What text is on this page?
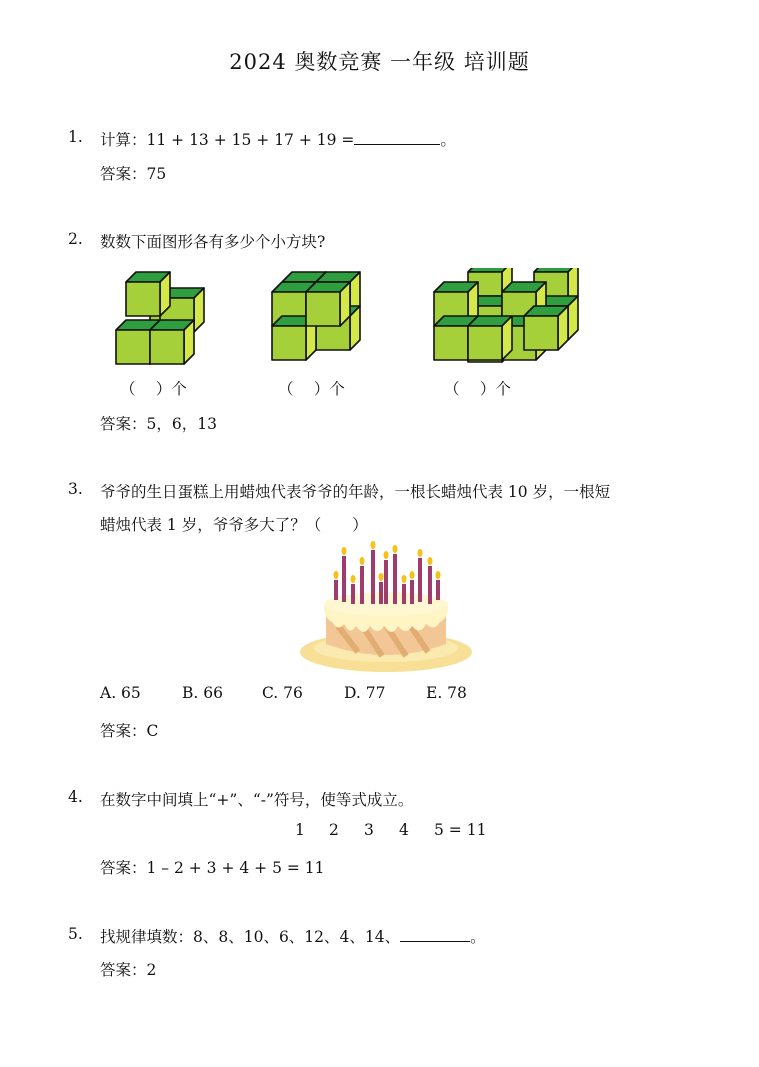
2024 奥数竞赛 一年级 培训题
1. 计算：11 + 13 + 15 + 17 + 19 =	。
答案：75
2. 数数下面图形各有多少个小方块?
（　 ）个	（　 ）个	（　 ）个
答案：5，6，13
3. 爷爷的生日蛋糕上用蜡烛代表爷爷的年龄，一根长蜡烛代表 10 岁，一根短
蜡烛代表 1 岁，爷爷多大了？（　　）
A. 65	B. 66	C. 76	D. 77	E. 78
答案：C
4. 在数字中间填上“+”、“-”符号，使等式成立。
1 2 3 4 5 = 11
答案：1 – 2 + 3 + 4 + 5 = 11
5. 找规律填数：8、8、10、6、12、4、14、	。
答案：2
